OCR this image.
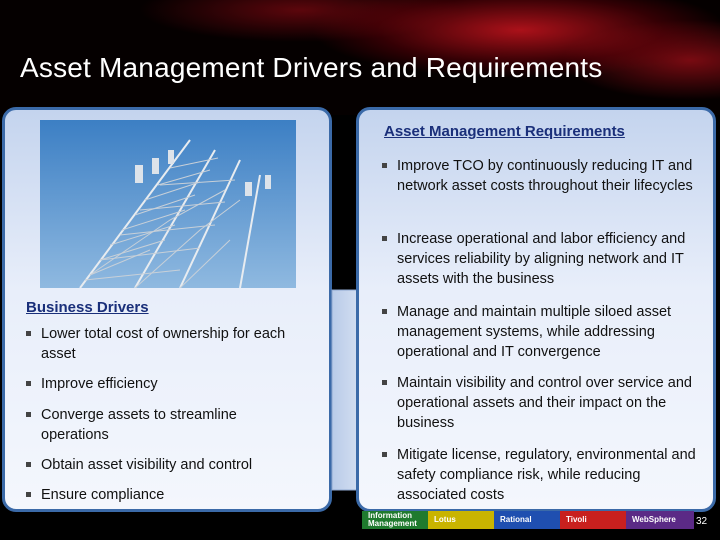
Asset Management Drivers and Requirements
Business Drivers
Lower total cost of ownership for each asset
Improve efficiency
Converge assets to streamline operations
Obtain asset visibility and control
Ensure compliance
Asset Management Requirements
Improve TCO by continuously reducing IT and network asset costs throughout their lifecycles
Increase operational and labor efficiency and services reliability by aligning network and IT assets with the business
Manage and maintain multiple siloed asset management systems, while addressing operational and IT convergence
Maintain visibility and control over service and operational assets and their impact on the business
Mitigate license, regulatory, environmental and safety compliance risk, while reducing associated costs
Information Management	Lotus	Rational	Tivoli	WebSphere	32
